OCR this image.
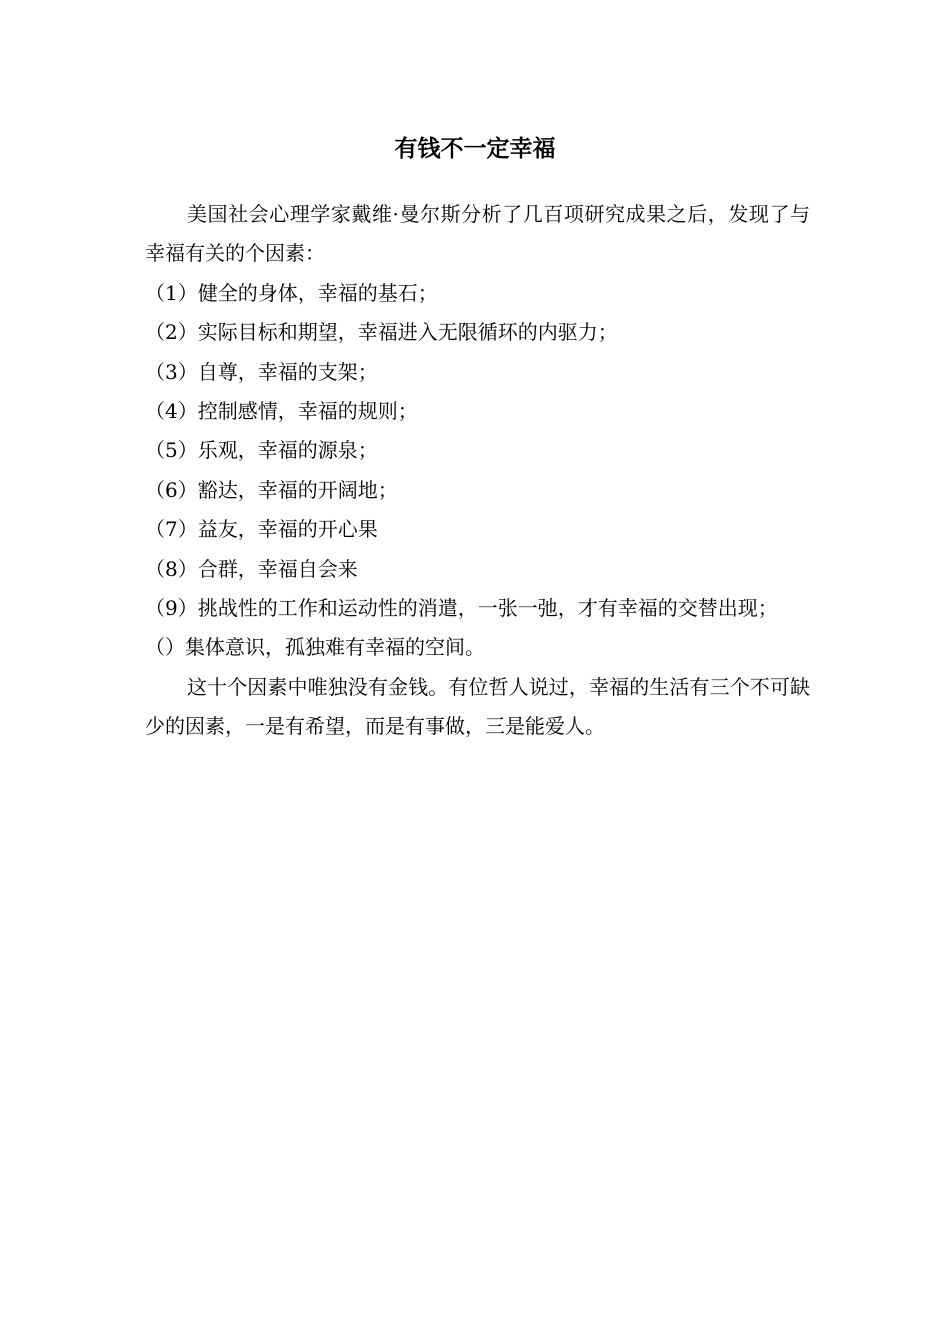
有钱不一定幸福

美国社会心理学家戴维·曼尔斯分析了几百项研究成果之后，发现了与幸福有关的个因素：

（1）健全的身体，幸福的基石；

（2）实际目标和期望，幸福进入无限循环的内驱力；

（3）自尊，幸福的支架；

（4）控制感情，幸福的规则；

（5）乐观，幸福的源泉；

（6）豁达，幸福的开阔地；

（7）益友，幸福的开心果

（8）合群，幸福自会来

（9）挑战性的工作和运动性的消遣，一张一弛，才有幸福的交替出现；

（）集体意识，孤独难有幸福的空间。

这十个因素中唯独没有金钱。有位哲人说过，幸福的生活有三个不可缺少的因素，一是有希望，而是有事做，三是能爱人。
